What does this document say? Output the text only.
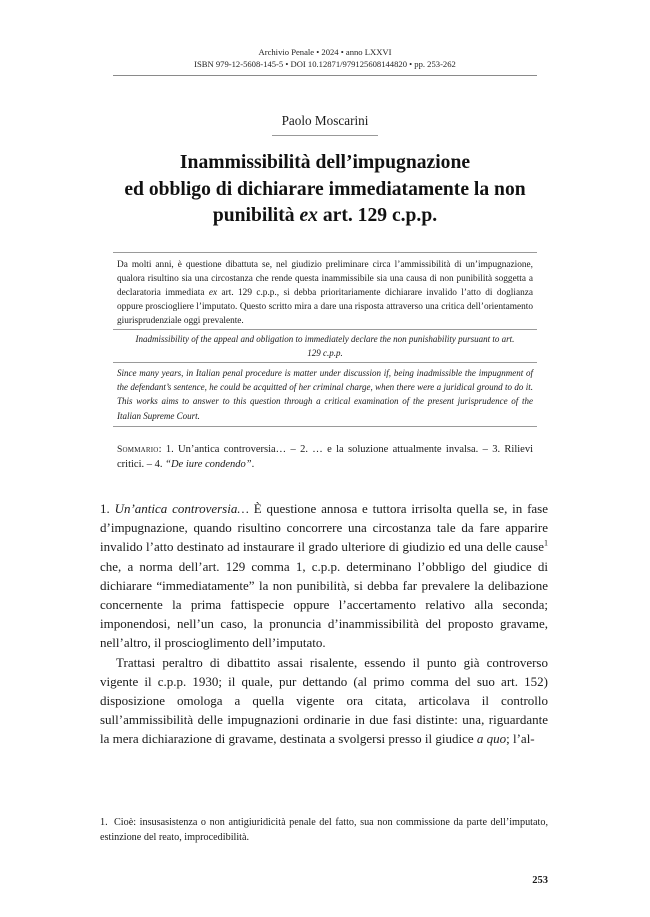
Archivio Penale • 2024 • anno LXXVI
ISBN 979-12-5608-145-5 • DOI 10.12871/979125608144820 • pp. 253-262
Paolo Moscarini
Inammissibilità dell’impugnazione
ed obbligo di dichiarare immediatamente la non
punibilità ex art. 129 c.p.p.
Da molti anni, è questione dibattuta se, nel giudizio preliminare circa l’ammissibilità di un’impugnazione, qualora risultino sia una circostanza che rende questa inammissibile sia una causa di non punibilità soggetta a declaratoria immediata ex art. 129 c.p.p., si debba prioritariamente dichiarare invalido l’atto di doglianza oppure prosciogliere l’imputato. Questo scritto mira a dare una risposta attraverso una critica dell’orientamento giurisprudenziale oggi prevalente.
Inadmissibility of the appeal and obligation to immediately declare the non punishability pursuant to art. 129 c.p.p.
Since many years, in Italian penal procedure is matter under discussion if, being inadmissible the impugnment of the defendant’s sentence, he could be acquitted of her criminal charge, when there were a juridical ground to do it. This works aims to answer to this question through a critical examination of the present jurisprudence of the Italian Supreme Court.
Sommario: 1. Un’antica controversia… – 2. … e la soluzione attualmente invalsa. – 3. Rilievi critici. – 4. “De iure condendo”.

1. Un’antica controversia… È questione annosa e tuttora irrisolta quella se, in fase d’impugnazione, quando risultino concorrere una circostanza tale da fare apparire invalido l’atto destinato ad instaurare il grado ulteriore di giudizio ed una delle cause$^1$ che, a norma dell’art. 129 comma 1, c.p.p. determinano l’obbligo del giudice di dichiarare “immediatamente” la non punibilità, si debba far prevalere la delibazione concernente la prima fattispecie oppure l’accertamento relativo alla seconda; imponendosi, nell’un caso, la pronuncia d’inammissibilità del proposto gravame, nell’altro, il proscioglimento dell’imputato.

Trattasi peraltro di dibattito assai risalente, essendo il punto già controverso vigente il c.p.p. 1930; il quale, pur dettando (al primo comma del suo art. 152) disposizione omologa a quella vigente ora citata, articolava il controllo sull’ammissibilità delle impugnazioni ordinarie in due fasi distinte: una, riguardante la mera dichiarazione di gravame, destinata a svolgersi presso il giudice a quo; l’al-

1. Cioè: insusasistenza o non antigiuridicità penale del fatto, sua non commissione da parte dell’imputato, estinzione del reato, improcedibilità.
253
